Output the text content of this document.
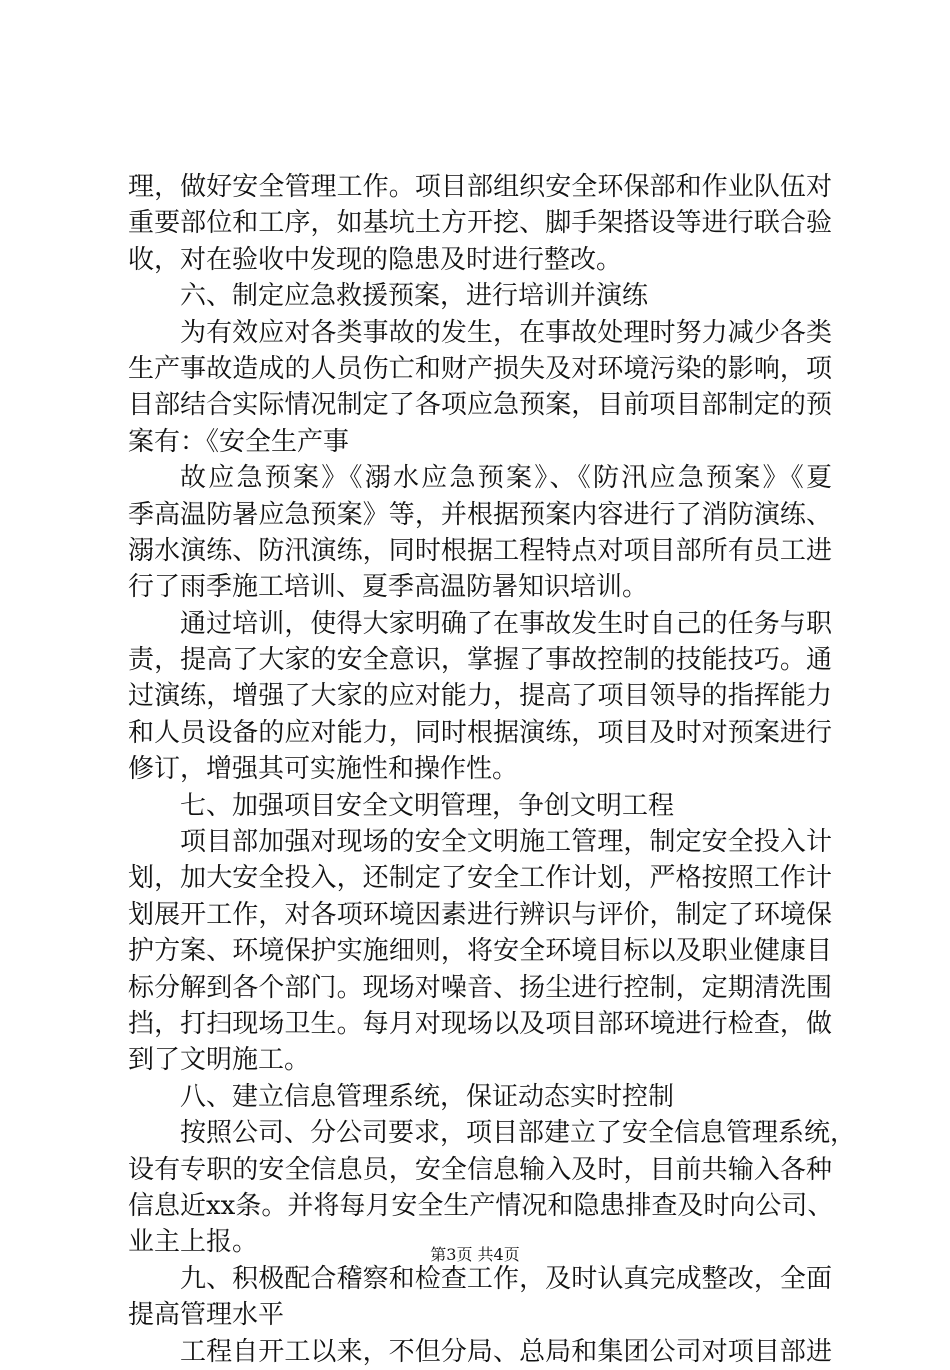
理，做好安全管理工作。项目部组织安全环保部和作业队伍对
重要部位和工序，如基坑土方开挖、脚手架搭设等进行联合验
收，对在验收中发现的隐患及时进行整改。
六、制定应急救援预案，进行培训并演练
为有效应对各类事故的发生，在事故处理时努力减少各类
生产事故造成的人员伤亡和财产损失及对环境污染的影响，项
目部结合实际情况制定了各项应急预案，目前项目部制定的预
案有：《安全生产事
故应急预案》《溺水应急预案》、《防汛应急预案》《夏
季高温防暑应急预案》等，并根据预案内容进行了消防演练、
溺水演练、防汛演练，同时根据工程特点对项目部所有员工进
行了雨季施工培训、夏季高温防暑知识培训。
通过培训，使得大家明确了在事故发生时自己的任务与职
责，提高了大家的安全意识，掌握了事故控制的技能技巧。通
过演练，增强了大家的应对能力，提高了项目领导的指挥能力
和人员设备的应对能力，同时根据演练，项目及时对预案进行
修订，增强其可实施性和操作性。
七、加强项目安全文明管理，争创文明工程
项目部加强对现场的安全文明施工管理，制定安全投入计
划，加大安全投入，还制定了安全工作计划，严格按照工作计
划展开工作，对各项环境因素进行辨识与评价，制定了环境保
护方案、环境保护实施细则，将安全环境目标以及职业健康目
标分解到各个部门。现场对噪音、扬尘进行控制，定期清洗围
挡，打扫现场卫生。每月对现场以及项目部环境进行检查，做
到了文明施工。
八、建立信息管理系统，保证动态实时控制
按照公司、分公司要求，项目部建立了安全信息管理系统，
设有专职的安全信息员，安全信息输入及时，目前共输入各种
信息近xx条。并将每月安全生产情况和隐患排查及时向公司、
业主上报。
九、积极配合稽察和检查工作，及时认真完成整改，全面
提高管理水平
工程自开工以来，不但分局、总局和集团公司对项目部进
第3页 共4页
